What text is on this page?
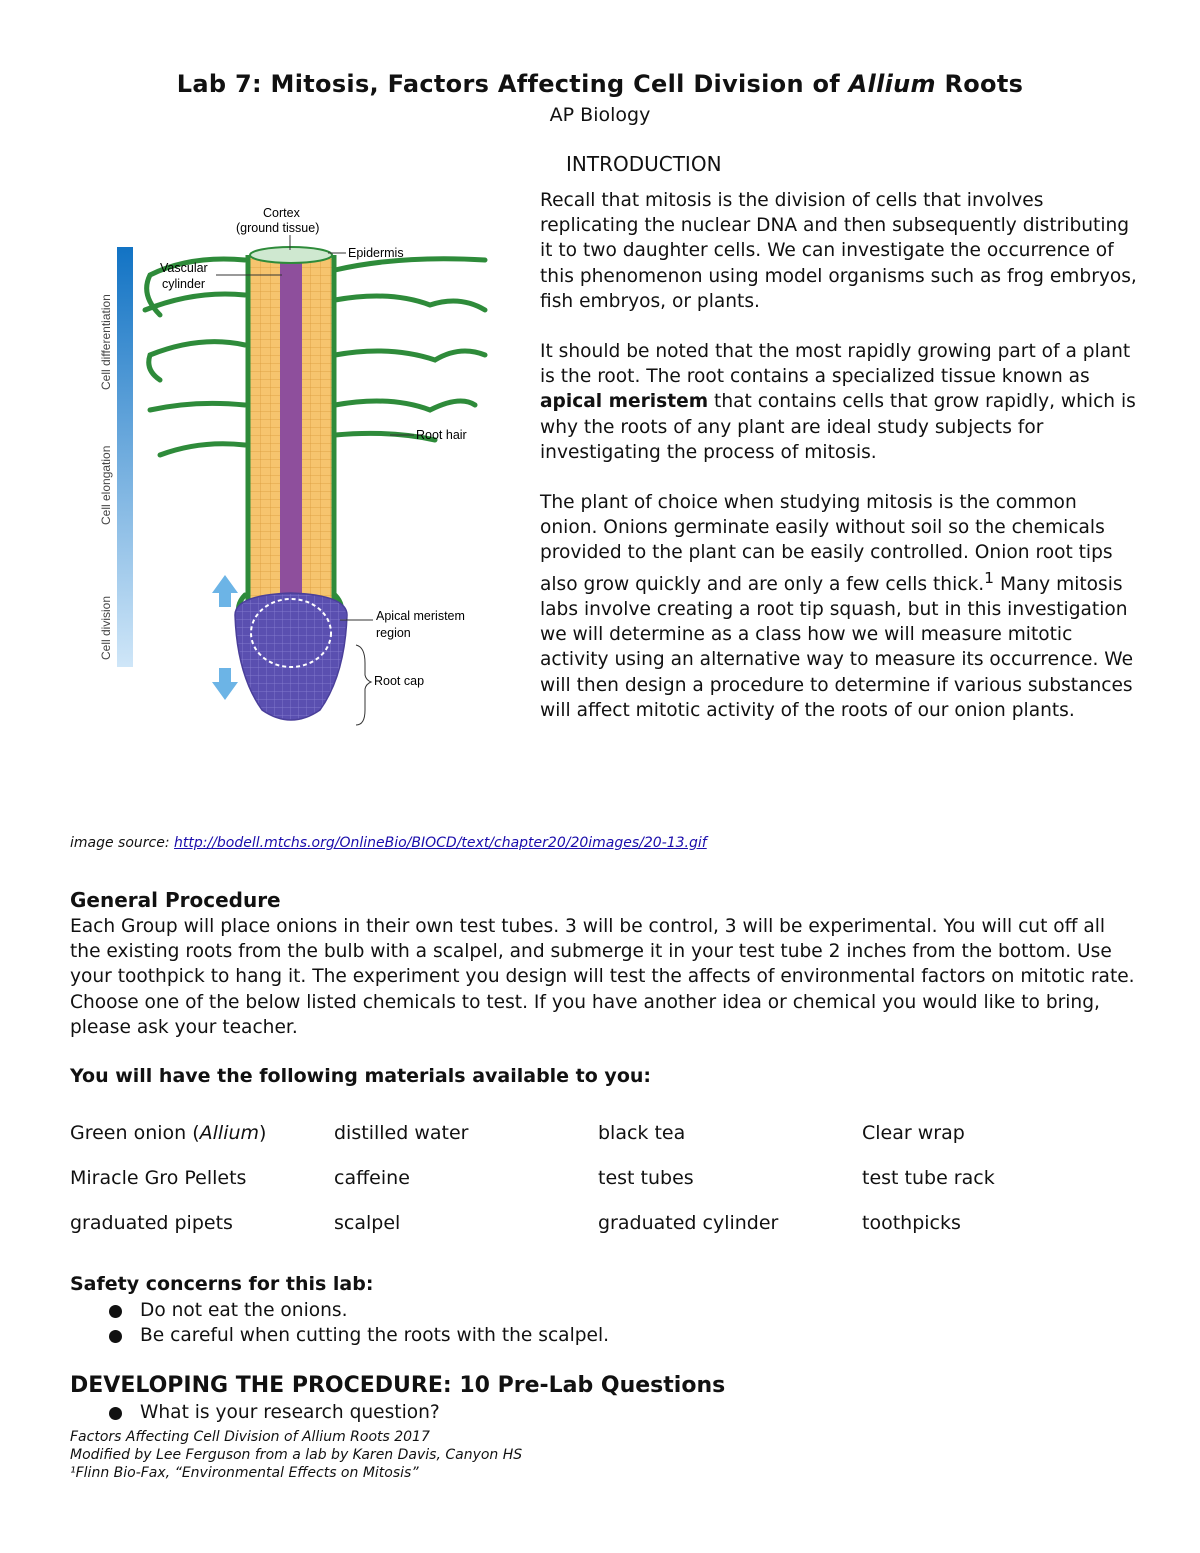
Lab 7: Mitosis, Factors Affecting Cell Division of Allium Roots
AP Biology
Cell differentiation
Cell elongation
Cell division
Cortex
(ground tissue)
Epidermis
Vascular
cylinder
Root hair
Apical meristem
region
Root cap
INTRODUCTION

Recall that mitosis is the division of cells that involves replicating the nuclear DNA and then subsequently distributing it to two daughter cells. We can investigate the occurrence of this phenomenon using model organisms such as frog embryos, fish embryos, or plants.

It should be noted that the most rapidly growing part of a plant is the root. The root contains a specialized tissue known as apical meristem that contains cells that grow rapidly, which is why the roots of any plant are ideal study subjects for investigating the process of mitosis.

The plant of choice when studying mitosis is the common onion. Onions germinate easily without soil so the chemicals provided to the plant can be easily controlled. Onion root tips also grow quickly and are only a few cells thick.$^1$ Many mitosis labs involve creating a root tip squash, but in this investigation we will determine as a class how we will measure mitotic activity using an alternative way to measure its occurrence. We will then design a procedure to determine if various substances will affect mitotic activity of the roots of our onion plants.

image source: http://bodell.mtchs.org/OnlineBio/BIOCD/text/chapter20/20images/20-13.gif
General Procedure
Each Group will place onions in their own test tubes. 3 will be control, 3 will be experimental. You will cut off all the existing roots from the bulb with a scalpel, and submerge it in your test tube 2 inches from the bottom. Use your toothpick to hang it. The experiment you design will test the affects of environmental factors on mitotic rate. Choose one of the below listed chemicals to test. If you have another idea or chemical you would like to bring, please ask your teacher.
You will have the following materials available to you:
Green onion (Allium)	distilled water	black tea	Clear wrap
Miracle Gro Pellets	caffeine	test tubes	test tube rack
graduated pipets	scalpel	graduated cylinder	toothpicks
Safety concerns for this lab:
Do not eat the onions.
Be careful when cutting the roots with the scalpel.
DEVELOPING THE PROCEDURE: 10 Pre-Lab Questions
What is your research question?
Factors Affecting Cell Division of Allium Roots 2017
Modified by Lee Ferguson from a lab by Karen Davis, Canyon HS
¹Flinn Bio-Fax, “Environmental Effects on Mitosis”
